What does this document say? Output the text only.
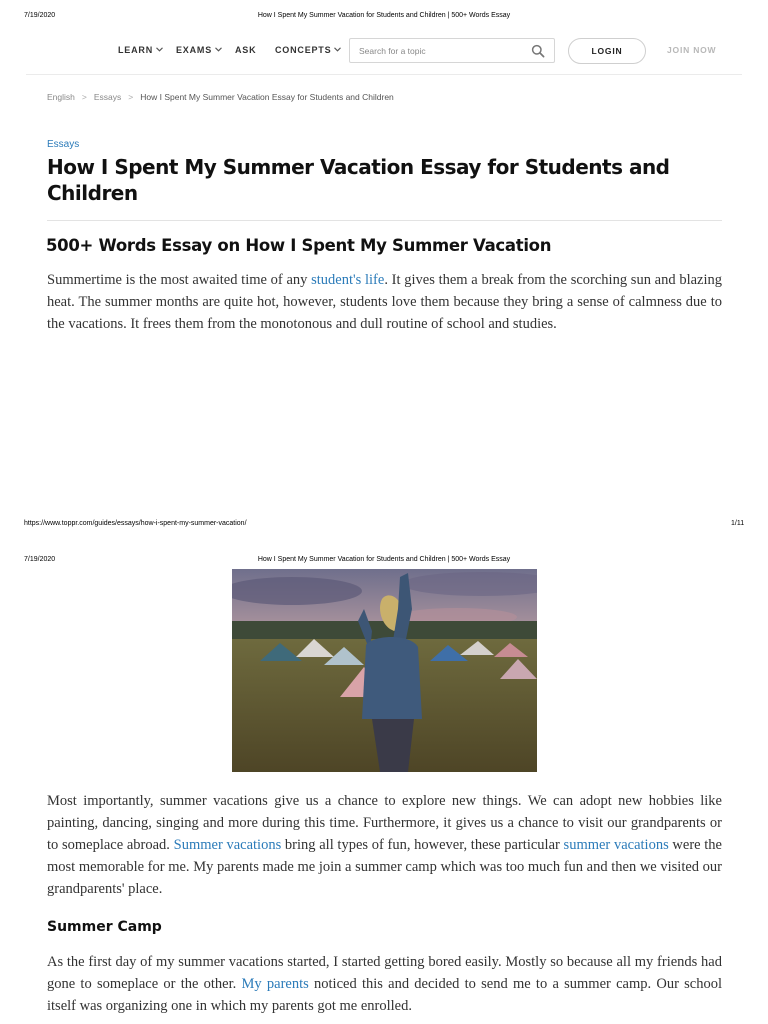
7/19/2020	How I Spent My Summer Vacation for Students and Children | 500+ Words Essay
LEARN	EXAMS	ASK CONCEPTS
Search for a topic	LOGIN	JOIN NOW
English > Essays > How I Spent My Summer Vacation Essay for Students and Children
Essays
How I Spent My Summer Vacation Essay for Students and Children
500+ Words Essay on How I Spent My Summer Vacation

Summertime is the most awaited time of any student's life. It gives them a break from the scorching sun and blazing heat. The summer months are quite hot, however, students love them because they bring a sense of calmness due to the vacations. It frees them from the monotonous and dull routine of school and studies.

https://www.toppr.com/guides/essays/how-i-spent-my-summer-vacation/	1/11
7/19/2020	How I Spent My Summer Vacation for Students and Children | 500+ Words Essay

Most importantly, summer vacations give us a chance to explore new things. We can adopt new hobbies like painting, dancing, singing and more during this time. Furthermore, it gives us a chance to visit our grandparents or to someplace abroad. Summer vacations bring all types of fun, however, these particular summer vacations were the most memorable for me. My parents made me join a summer camp which was too much fun and then we visited our grandparents' place.

Summer Camp

As the first day of my summer vacations started, I started getting bored easily. Mostly so because all my friends had gone to someplace or the other. My parents noticed this and decided to send me to a summer camp. Our school itself was organizing one in which my parents got me enrolled.
